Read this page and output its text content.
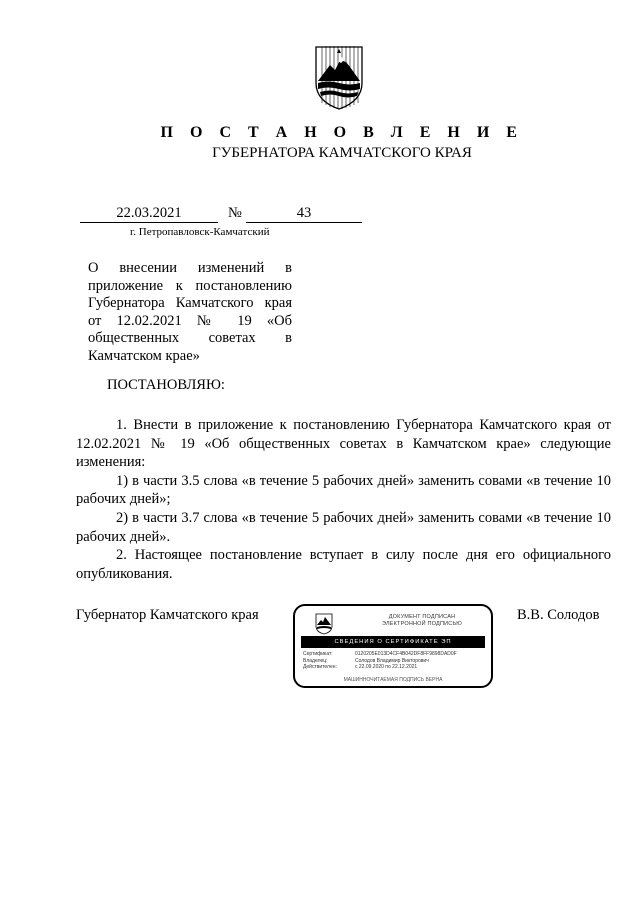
П О С Т А Н О В Л Е Н И Е
ГУБЕРНАТОРА КАМЧАТСКОГО КРАЯ
22.03.2021	№	43
г. Петропавловск-Камчатский
О внесении изменений в приложение к постановлению Губернатора Камчатского края от 12.02.2021 № 19 «Об общественных советах в Камчатском крае»
ПОСТАНОВЛЯЮ:

1. Внести в приложение к постановлению Губернатора Камчатского края от 12.02.2021 № 19 «Об общественных советах в Камчатском крае» следующие изменения:

1) в части 3.5 слова «в течение 5 рабочих дней» заменить совами «в течение 10 рабочих дней»;

2) в части 3.7 слова «в течение 5 рабочих дней» заменить совами «в течение 10 рабочих дней».

2. Настоящее постановление вступает в силу после дня его официального опубликования.

Губернатор Камчатского края	В.В. Солодов
ДОКУМЕНТ ПОДПИСАН
ЭЛЕКТРОННОЙ ПОДПИСЬЮ
СВЕДЕНИЯ О СЕРТИФИКАТЕ ЭП
Сертификат:	0120205E013D4CF4B042DF8FF9898DAD0F
Владелец:	Солодов Владимир Викторович
Действителен:	с 22.09.2020 по 22.12.2021
МАШИННОЧИТАЕМАЯ ПОДПИСЬ ВЕРНА
